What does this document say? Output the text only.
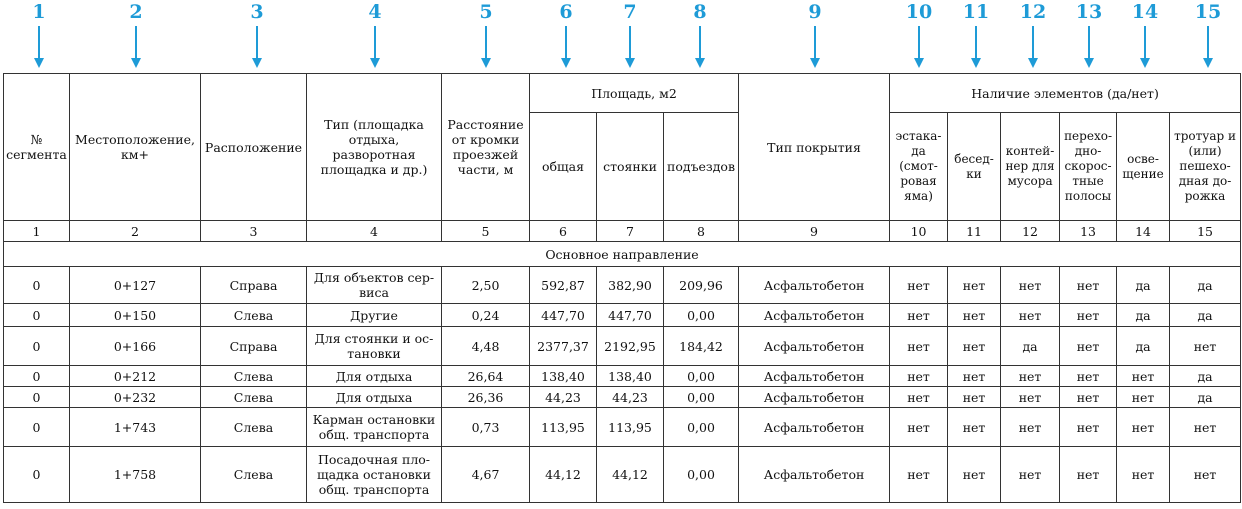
1	2	3	4	5	6	7	8	9	10	11	12	13	14	15
№ сегмента	Местоположение, км+	Расположение	Тип (площадка отдыха, разворотная площадка и др.)	Расстояние от кромки проезжей части, м	Площадь, м2			Тип покрытия	Наличие элементов (да/нет)					
					общая	стоянки	подъездов		эстака-да (смот-ровая яма)	бесед-ки	контей-нер для мусора	перехо-дно-скорос-тные полосы	осве-щение	тротуар и (или) пешехо-дная до-рожка
1	2	3	4	5	6	7	8	9	10	11	12	13	14	15
Основное направление														
0	0+127	Справа	Для объектов сер-виса	2,50	592,87	382,90	209,96	Асфальтобетон	нет	нет	нет	нет	да	да
0	0+150	Слева	Другие	0,24	447,70	447,70	0,00	Асфальтобетон	нет	нет	нет	нет	да	да
0	0+166	Справа	Для стоянки и ос-тановки	4,48	2377,37	2192,95	184,42	Асфальтобетон	нет	нет	да	нет	да	нет
0	0+212	Слева	Для отдыха	26,64	138,40	138,40	0,00	Асфальтобетон	нет	нет	нет	нет	нет	да
0	0+232	Слева	Для отдыха	26,36	44,23	44,23	0,00	Асфальтобетон	нет	нет	нет	нет	нет	да
0	1+743	Слева	Карман остановки общ. транспорта	0,73	113,95	113,95	0,00	Асфальтобетон	нет	нет	нет	нет	нет	нет
0	1+758	Слева	Посадочная пло-щадка остановки общ. транспорта	4,67	44,12	44,12	0,00	Асфальтобетон	нет	нет	нет	нет	нет	нет
